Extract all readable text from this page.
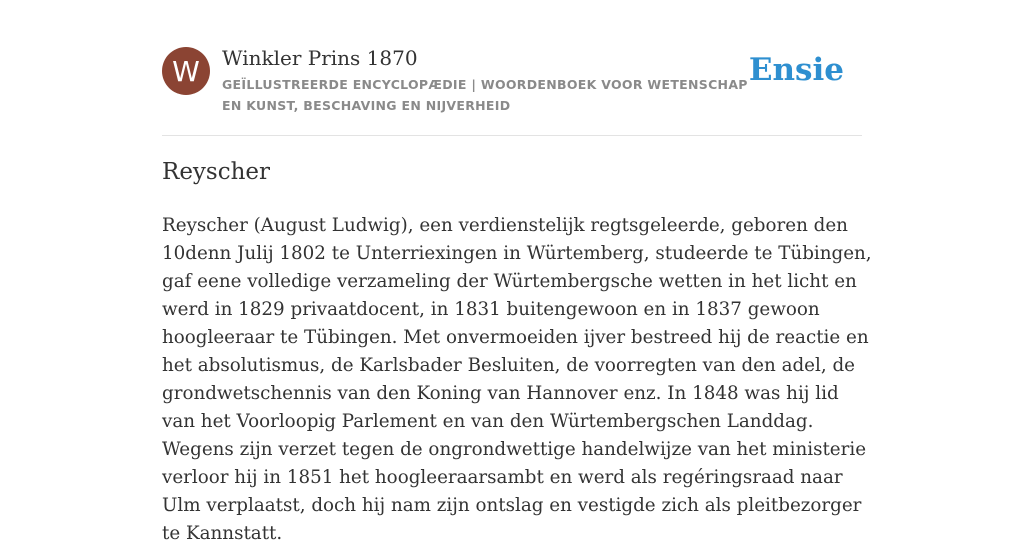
W	Winkler Prins 1870
GEÏLLUSTREERDE ENCYCLOPÆDIE | WOORDENBOEK VOOR WETENSCHAP EN KUNST, BESCHAVING EN NIJVERHEID
Ensie
Reyscher

Reyscher (August Ludwig), een verdienstelijk regtsgeleerde, geboren den 10denn Julij 1802 te Unterriexingen in Würtemberg, studeerde te Tübingen, gaf eene volledige verzameling der Würtembergsche wetten in het licht en werd in 1829 privaatdocent, in 1831 buitengewoon en in 1837 gewoon hoogleeraar te Tübingen. Met onvermoeiden ijver bestreed hij de reactie en het absolutismus, de Karlsbader Besluiten, de voorregten van den adel, de grondwetschennis van den Koning van Hannover enz. In 1848 was hij lid van het Voorloopig Parlement en van den Würtembergschen Landdag. Wegens zijn verzet tegen de ongrondwettige handelwijze van het ministerie verloor hij in 1851 het hoogleeraarsambt en werd als regéringsraad naar Ulm verplaatst, doch hij nam zijn ontslag en vestigde zich als pleitbezorger te Kannstatt.
